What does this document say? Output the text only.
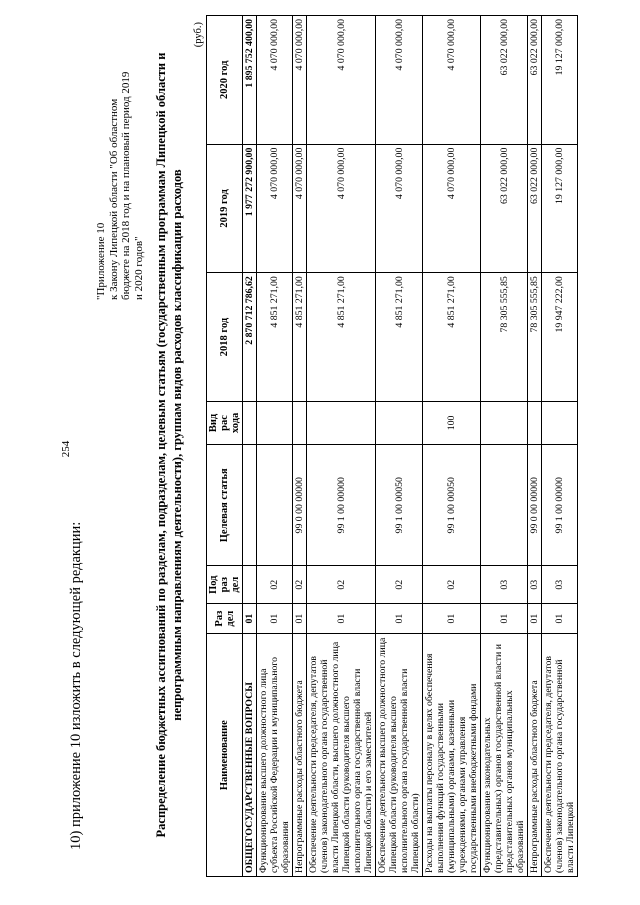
254
10) приложение 10 изложить в следующей редакции:
"Приложение 10
к Закону Липецкой области "Об областном
бюджете на 2018 год и на плановый период 2019
и 2020 годов" Распределение бюджетных ассигнований по разделам, подразделам, целевым статьям (государственным программам Липецкой области и непрограммным направлениям деятельности), группам видов расходов классификации расходов
(руб.)
Наименование	Раз дел	Под раз дел	Целевая статья	Вид рас хода	2018 год	2019 год	2020 год
ОБЩЕГОСУДАРСТВЕННЫЕ ВОПРОСЫ	01				2 870 712 786,62	1 977 272 900,00	1 895 752 400,00
Функционирование высшего должностного лица субъекта Российской Федерации и муниципального образования	01	02			4 851 271,00	4 070 000,00	4 070 000,00
Непрограммные расходы областного бюджета	01	02	99 0 00 00000		4 851 271,00	4 070 000,00	4 070 000,00
Обеспечение деятельности председателя, депутатов (членов) законодательного органа государственной власти Липецкой области, высшего должностного лица Липецкой области (руководителя высшего исполнительного органа государственной власти Липецкой области) и его заместителей	01	02	99 1 00 00000		4 851 271,00	4 070 000,00	4 070 000,00
Обеспечение деятельности высшего должностного лица Липецкой области (руководителя высшего исполнительного органа государственной власти Липецкой области)	01	02	99 1 00 00050		4 851 271,00	4 070 000,00	4 070 000,00
Расходы на выплаты персоналу в целях обеспечения выполнения функций государственными (муниципальными) органами, казенными учреждениями, органами управления государственными внебюджетными фондами	01	02	99 1 00 00050	100	4 851 271,00	4 070 000,00	4 070 000,00
Функционирование законодательных (представительных) органов государственной власти и представительных органов муниципальных образований	01	03			78 305 555,85	63 022 000,00	63 022 000,00
Непрограммные расходы областного бюджета	01	03	99 0 00 00000		78 305 555,85	63 022 000,00	63 022 000,00
Обеспечение деятельности председателя, депутатов (членов) законодательного органа государственной власти Липецкой	01	03	99 1 00 00000		19 947 222,00	19 127 000,00	19 127 000,00
